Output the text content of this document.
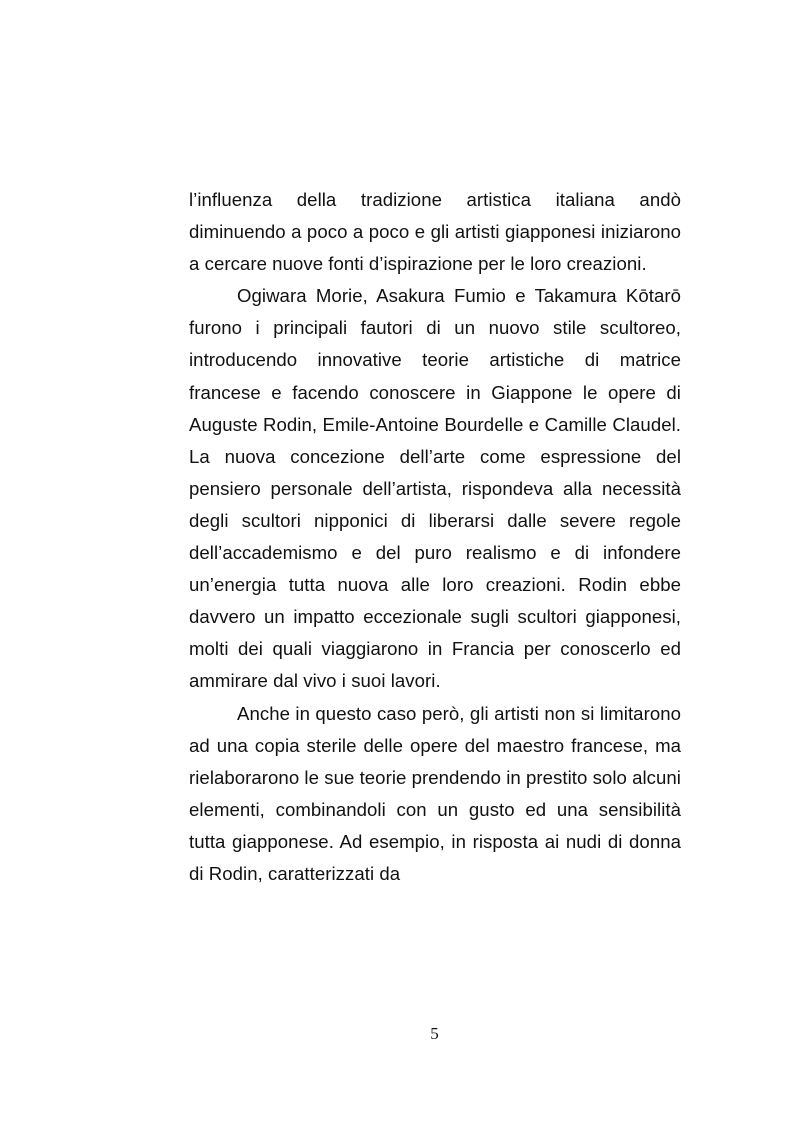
l’influenza della tradizione artistica italiana andò diminuendo a poco a poco e gli artisti giapponesi iniziarono a cercare nuove fonti d’ispirazione per le loro creazioni.

Ogiwara Morie, Asakura Fumio e Takamura Kōtarō furono i principali fautori di un nuovo stile scultoreo, introducendo innovative teorie artistiche di matrice francese e facendo conoscere in Giappone le opere di Auguste Rodin, Emile-Antoine Bourdelle e Camille Claudel. La nuova concezione dell’arte come espressione del pensiero personale dell’artista, rispondeva alla necessità degli scultori nipponici di liberarsi dalle severe regole dell’accademismo e del puro realismo e di infondere un’energia tutta nuova alle loro creazioni. Rodin ebbe davvero un impatto eccezionale sugli scultori giapponesi, molti dei quali viaggiarono in Francia per conoscerlo ed ammirare dal vivo i suoi lavori.

Anche in questo caso però, gli artisti non si limitarono ad una copia sterile delle opere del maestro francese, ma rielaborarono le sue teorie prendendo in prestito solo alcuni elementi, combinandoli con un gusto ed una sensibilità tutta giapponese. Ad esempio, in risposta ai nudi di donna di Rodin, caratterizzati da

5
